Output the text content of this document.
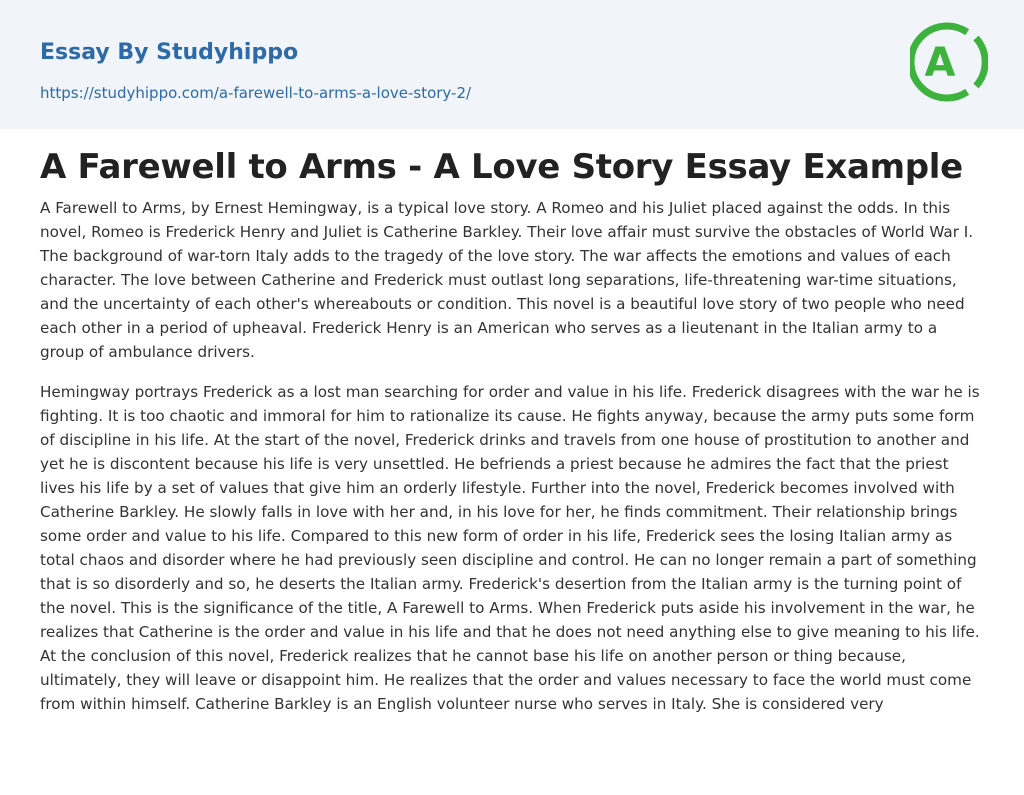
Essay By Studyhippo
https://studyhippo.com/a-farewell-to-arms-a-love-story-2/
A
A Farewell to Arms - A Love Story Essay Example

A Farewell to Arms, by Ernest Hemingway, is a typical love story. A Romeo and his Juliet placed against the odds. In this novel, Romeo is Frederick Henry and Juliet is Catherine Barkley. Their love affair must survive the obstacles of World War I. The background of war-torn Italy adds to the tragedy of the love story. The war affects the emotions and values of each character. The love between Catherine and Frederick must outlast long separations, life-threatening war-time situations, and the uncertainty of each other's whereabouts or condition. This novel is a beautiful love story of two people who need each other in a period of upheaval. Frederick Henry is an American who serves as a lieutenant in the Italian army to a group of ambulance drivers.

Hemingway portrays Frederick as a lost man searching for order and value in his life. Frederick disagrees with the war he is fighting. It is too chaotic and immoral for him to rationalize its cause. He fights anyway, because the army puts some form of discipline in his life. At the start of the novel, Frederick drinks and travels from one house of prostitution to another and yet he is discontent because his life is very unsettled. He befriends a priest because he admires the fact that the priest lives his life by a set of values that give him an orderly lifestyle. Further into the novel, Frederick becomes involved with Catherine Barkley. He slowly falls in love with her and, in his love for her, he finds commitment. Their relationship brings some order and value to his life. Compared to this new form of order in his life, Frederick sees the losing Italian army as total chaos and disorder where he had previously seen discipline and control. He can no longer remain a part of something that is so disorderly and so, he deserts the Italian army. Frederick's desertion from the Italian army is the turning point of the novel. This is the significance of the title, A Farewell to Arms. When Frederick puts aside his involvement in the war, he realizes that Catherine is the order and value in his life and that he does not need anything else to give meaning to his life. At the conclusion of this novel, Frederick realizes that he cannot base his life on another person or thing because, ultimately, they will leave or disappoint him. He realizes that the order and values necessary to face the world must come from within himself. Catherine Barkley is an English volunteer nurse who serves in Italy. She is considered very
